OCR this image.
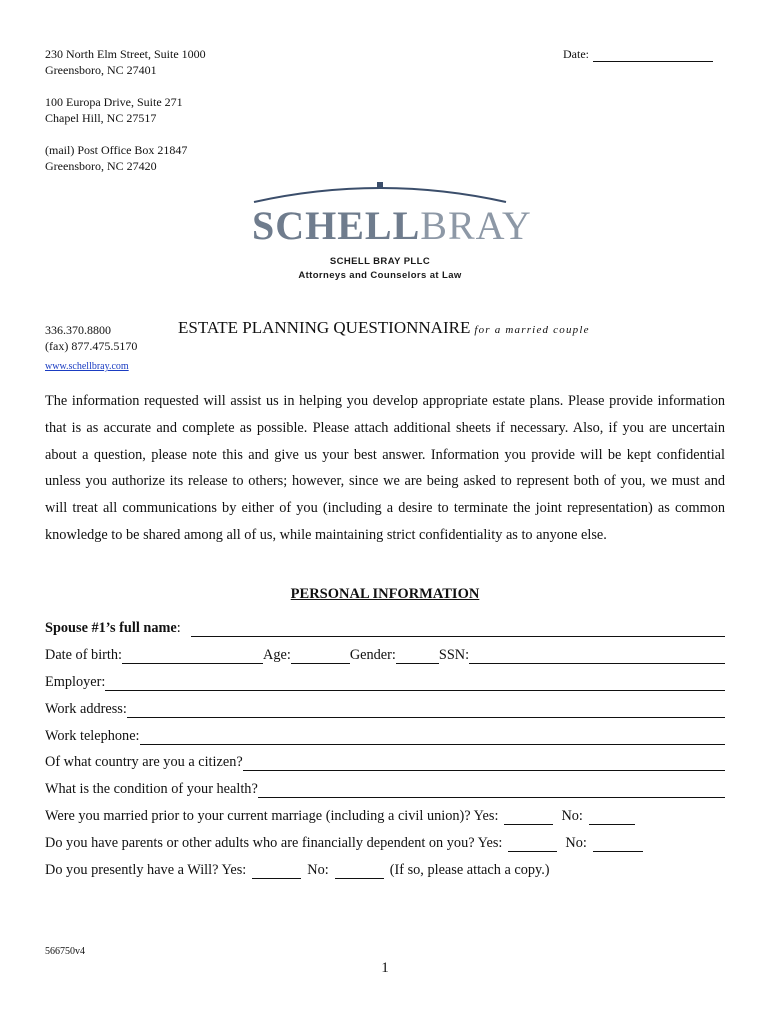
230 North Elm Street, Suite 1000
Greensboro, NC 27401
100 Europa Drive, Suite 271
Chapel Hill, NC 27517
(mail) Post Office Box 21847
Greensboro, NC 27420
Date:
SCHELLBRAY
SCHELL BRAY PLLC
Attorneys and Counselors at Law
336.370.8800
(fax) 877.475.5170
ESTATE PLANNING QUESTIONNAIRE for a married couple
www.schellbray.com
The information requested will assist us in helping you develop appropriate estate plans. Please provide information that is as accurate and complete as possible. Please attach additional sheets if necessary. Also, if you are uncertain about a question, please note this and give us your best answer. Information you provide will be kept confidential unless you authorize its release to others; however, since we are being asked to represent both of you, we must and will treat all communications by either of you (including a desire to terminate the joint representation) as common knowledge to be shared among all of us, while maintaining strict confidentiality as to anyone else.
PERSONAL INFORMATION
Spouse #1’s full name :
Date of birth:	Age:	Gender:	SSN:
Employer:
Work address:
Work telephone:
Of what country are you a citizen?
What is the condition of your health?
Were you married prior to your current marriage (including a civil union)? Yes:	No:
Do you have parents or other adults who are financially dependent on you? Yes:	No:
Do you presently have a Will? Yes:	No:	(If so, please attach a copy.)
566750v4
1
